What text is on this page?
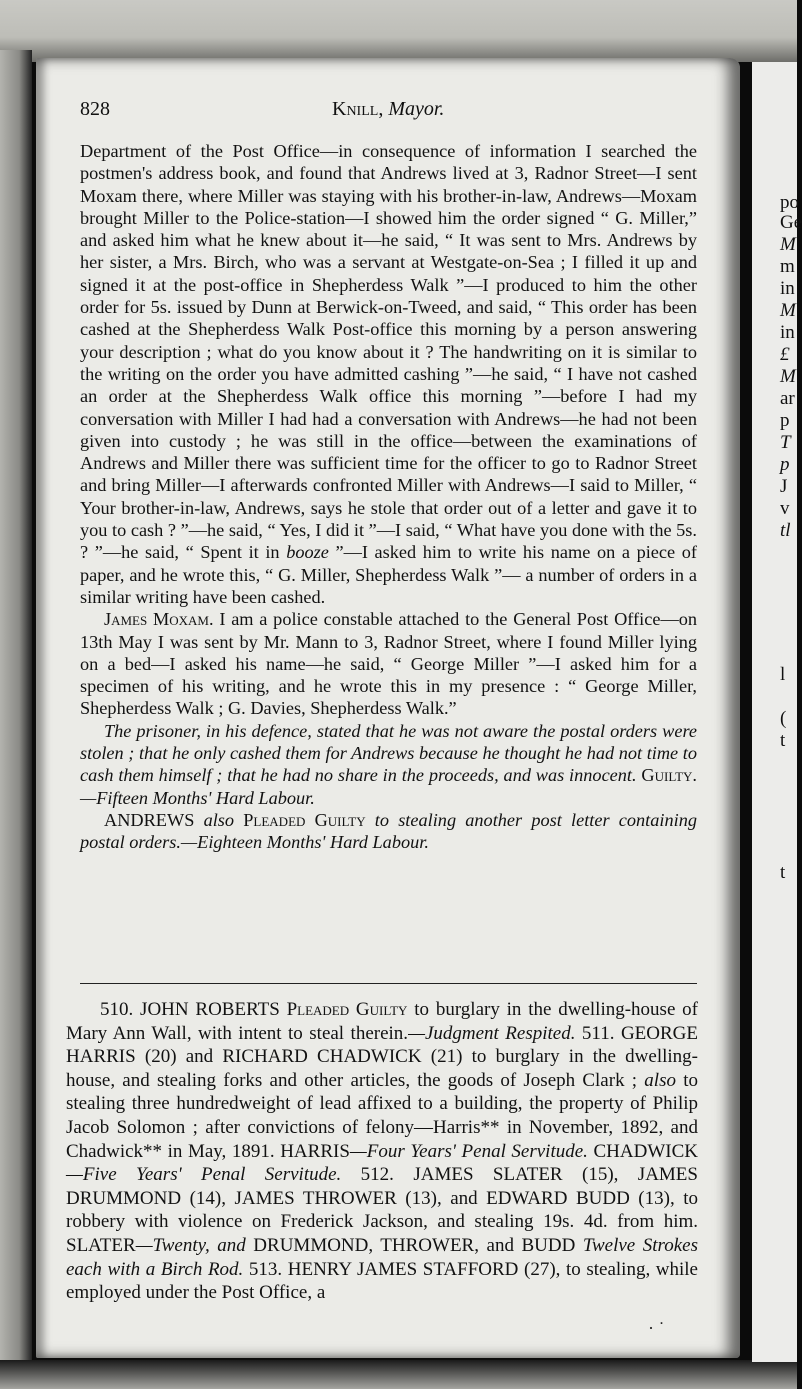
po
Ge
M
m
in
M
in
£
M
ar
p
T
p
J
v
tl
l
(
t
t
828	Knill, Mayor.

Department of the Post Office—in consequence of information I searched the postmen's address book, and found that Andrews lived at 3, Radnor Street—I sent Moxam there, where Miller was staying with his brother-in-law, Andrews—Moxam brought Miller to the Police-station—I showed him the order signed “ G. Miller,” and asked him what he knew about it—he said, “ It was sent to Mrs. Andrews by her sister, a Mrs. Birch, who was a servant at Westgate-on-Sea ; I filled it up and signed it at the post-office in Shepherdess Walk ”—I produced to him the other order for 5s. issued by Dunn at Berwick-on-Tweed, and said, “ This order has been cashed at the Shepherdess Walk Post-office this morning by a person answering your description ; what do you know about it ? The handwriting on it is similar to the writing on the order you have admitted cashing ”—he said, “ I have not cashed an order at the Shepherdess Walk office this morning ”—before I had my conversation with Miller I had had a conversation with Andrews—he had not been given into custody ; he was still in the office—between the examinations of Andrews and Miller there was sufficient time for the officer to go to Radnor Street and bring Miller—I afterwards confronted Miller with Andrews—I said to Miller, “ Your brother-in-law, Andrews, says he stole that order out of a letter and gave it to you to cash ? ”—he said, “ Yes, I did it ”—I said, “ What have you done with the 5s. ? ”—he said, “ Spent it in booze ”—I asked him to write his name on a piece of paper, and he wrote this, “ G. Miller, Shepherdess Walk ”— a number of orders in a similar writing have been cashed.

James Moxam. I am a police constable attached to the General Post Office—on 13th May I was sent by Mr. Mann to 3, Radnor Street, where I found Miller lying on a bed—I asked his name—he said, “ George Miller ”—I asked him for a specimen of his writing, and he wrote this in my presence : “ George Miller, Shepherdess Walk ; G. Davies, Shepherdess Walk.”

The prisoner, in his defence, stated that he was not aware the postal orders were stolen ; that he only cashed them for Andrews because he thought he had not time to cash them himself ; that he had no share in the proceeds, and was innocent. Guilty.—Fifteen Months' Hard Labour.

ANDREWS also Pleaded Guilty to stealing another post letter containing postal orders.—Eighteen Months' Hard Labour.

510. JOHN ROBERTS Pleaded Guilty to burglary in the dwelling-house of Mary Ann Wall, with intent to steal therein.—Judgment Respited. 511. GEORGE HARRIS (20) and RICHARD CHADWICK (21) to burglary in the dwelling-house, and stealing forks and other articles, the goods of Joseph Clark ; also to stealing three hundredweight of lead affixed to a building, the property of Philip Jacob Solomon ; after convictions of felony—Harris** in November, 1892, and Chadwick** in May, 1891. HARRIS—Four Years' Penal Servitude. CHADWICK—Five Years' Penal Servitude. 512. JAMES SLATER (15), JAMES DRUMMOND (14), JAMES THROWER (13), and EDWARD BUDD (13), to robbery with violence on Frederick Jackson, and stealing 19s. 4d. from him. SLATER—Twenty, and DRUMMOND, THROWER, and BUDD Twelve Strokes each with a Birch Rod. 513. HENRY JAMES STAFFORD (27), to stealing, while employed under the Post Office, a

· ˙
